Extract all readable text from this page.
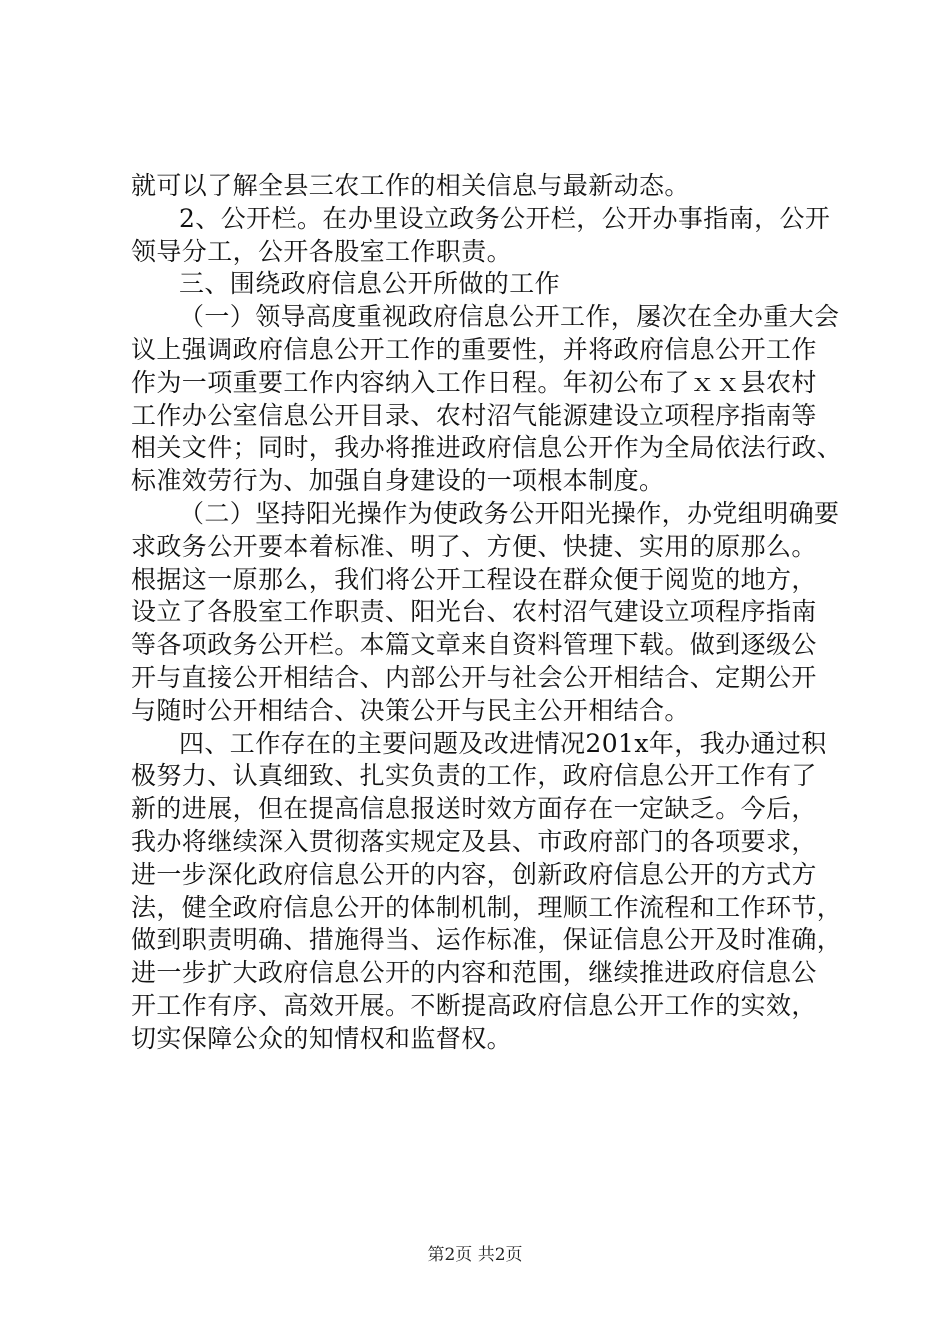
就可以了解全县三农工作的相关信息与最新动态。
2、公开栏。在办里设立政务公开栏，公开办事指南，公开
领导分工，公开各股室工作职责。
三、围绕政府信息公开所做的工作
（一）领导高度重视政府信息公开工作，屡次在全办重大会
议上强调政府信息公开工作的重要性，并将政府信息公开工作
作为一项重要工作内容纳入工作日程。年初公布了ｘｘ县农村
工作办公室信息公开目录、农村沼气能源建设立项程序指南等
相关文件；同时，我办将推进政府信息公开作为全局依法行政、
标准效劳行为、加强自身建设的一项根本制度。
（二）坚持阳光操作为使政务公开阳光操作，办党组明确要
求政务公开要本着标准、明了、方便、快捷、实用的原那么。
根据这一原那么，我们将公开工程设在群众便于阅览的地方，
设立了各股室工作职责、阳光台、农村沼气建设立项程序指南
等各项政务公开栏。本篇文章来自资料管理下载。做到逐级公
开与直接公开相结合、内部公开与社会公开相结合、定期公开
与随时公开相结合、决策公开与民主公开相结合。
四、工作存在的主要问题及改进情况201x年，我办通过积
极努力、认真细致、扎实负责的工作，政府信息公开工作有了
新的进展，但在提高信息报送时效方面存在一定缺乏。今后，
我办将继续深入贯彻落实规定及县、市政府部门的各项要求，
进一步深化政府信息公开的内容，创新政府信息公开的方式方
法，健全政府信息公开的体制机制，理顺工作流程和工作环节，
做到职责明确、措施得当、运作标准，保证信息公开及时准确，
进一步扩大政府信息公开的内容和范围，继续推进政府信息公
开工作有序、高效开展。不断提高政府信息公开工作的实效，
切实保障公众的知情权和监督权。
第2页 共2页
